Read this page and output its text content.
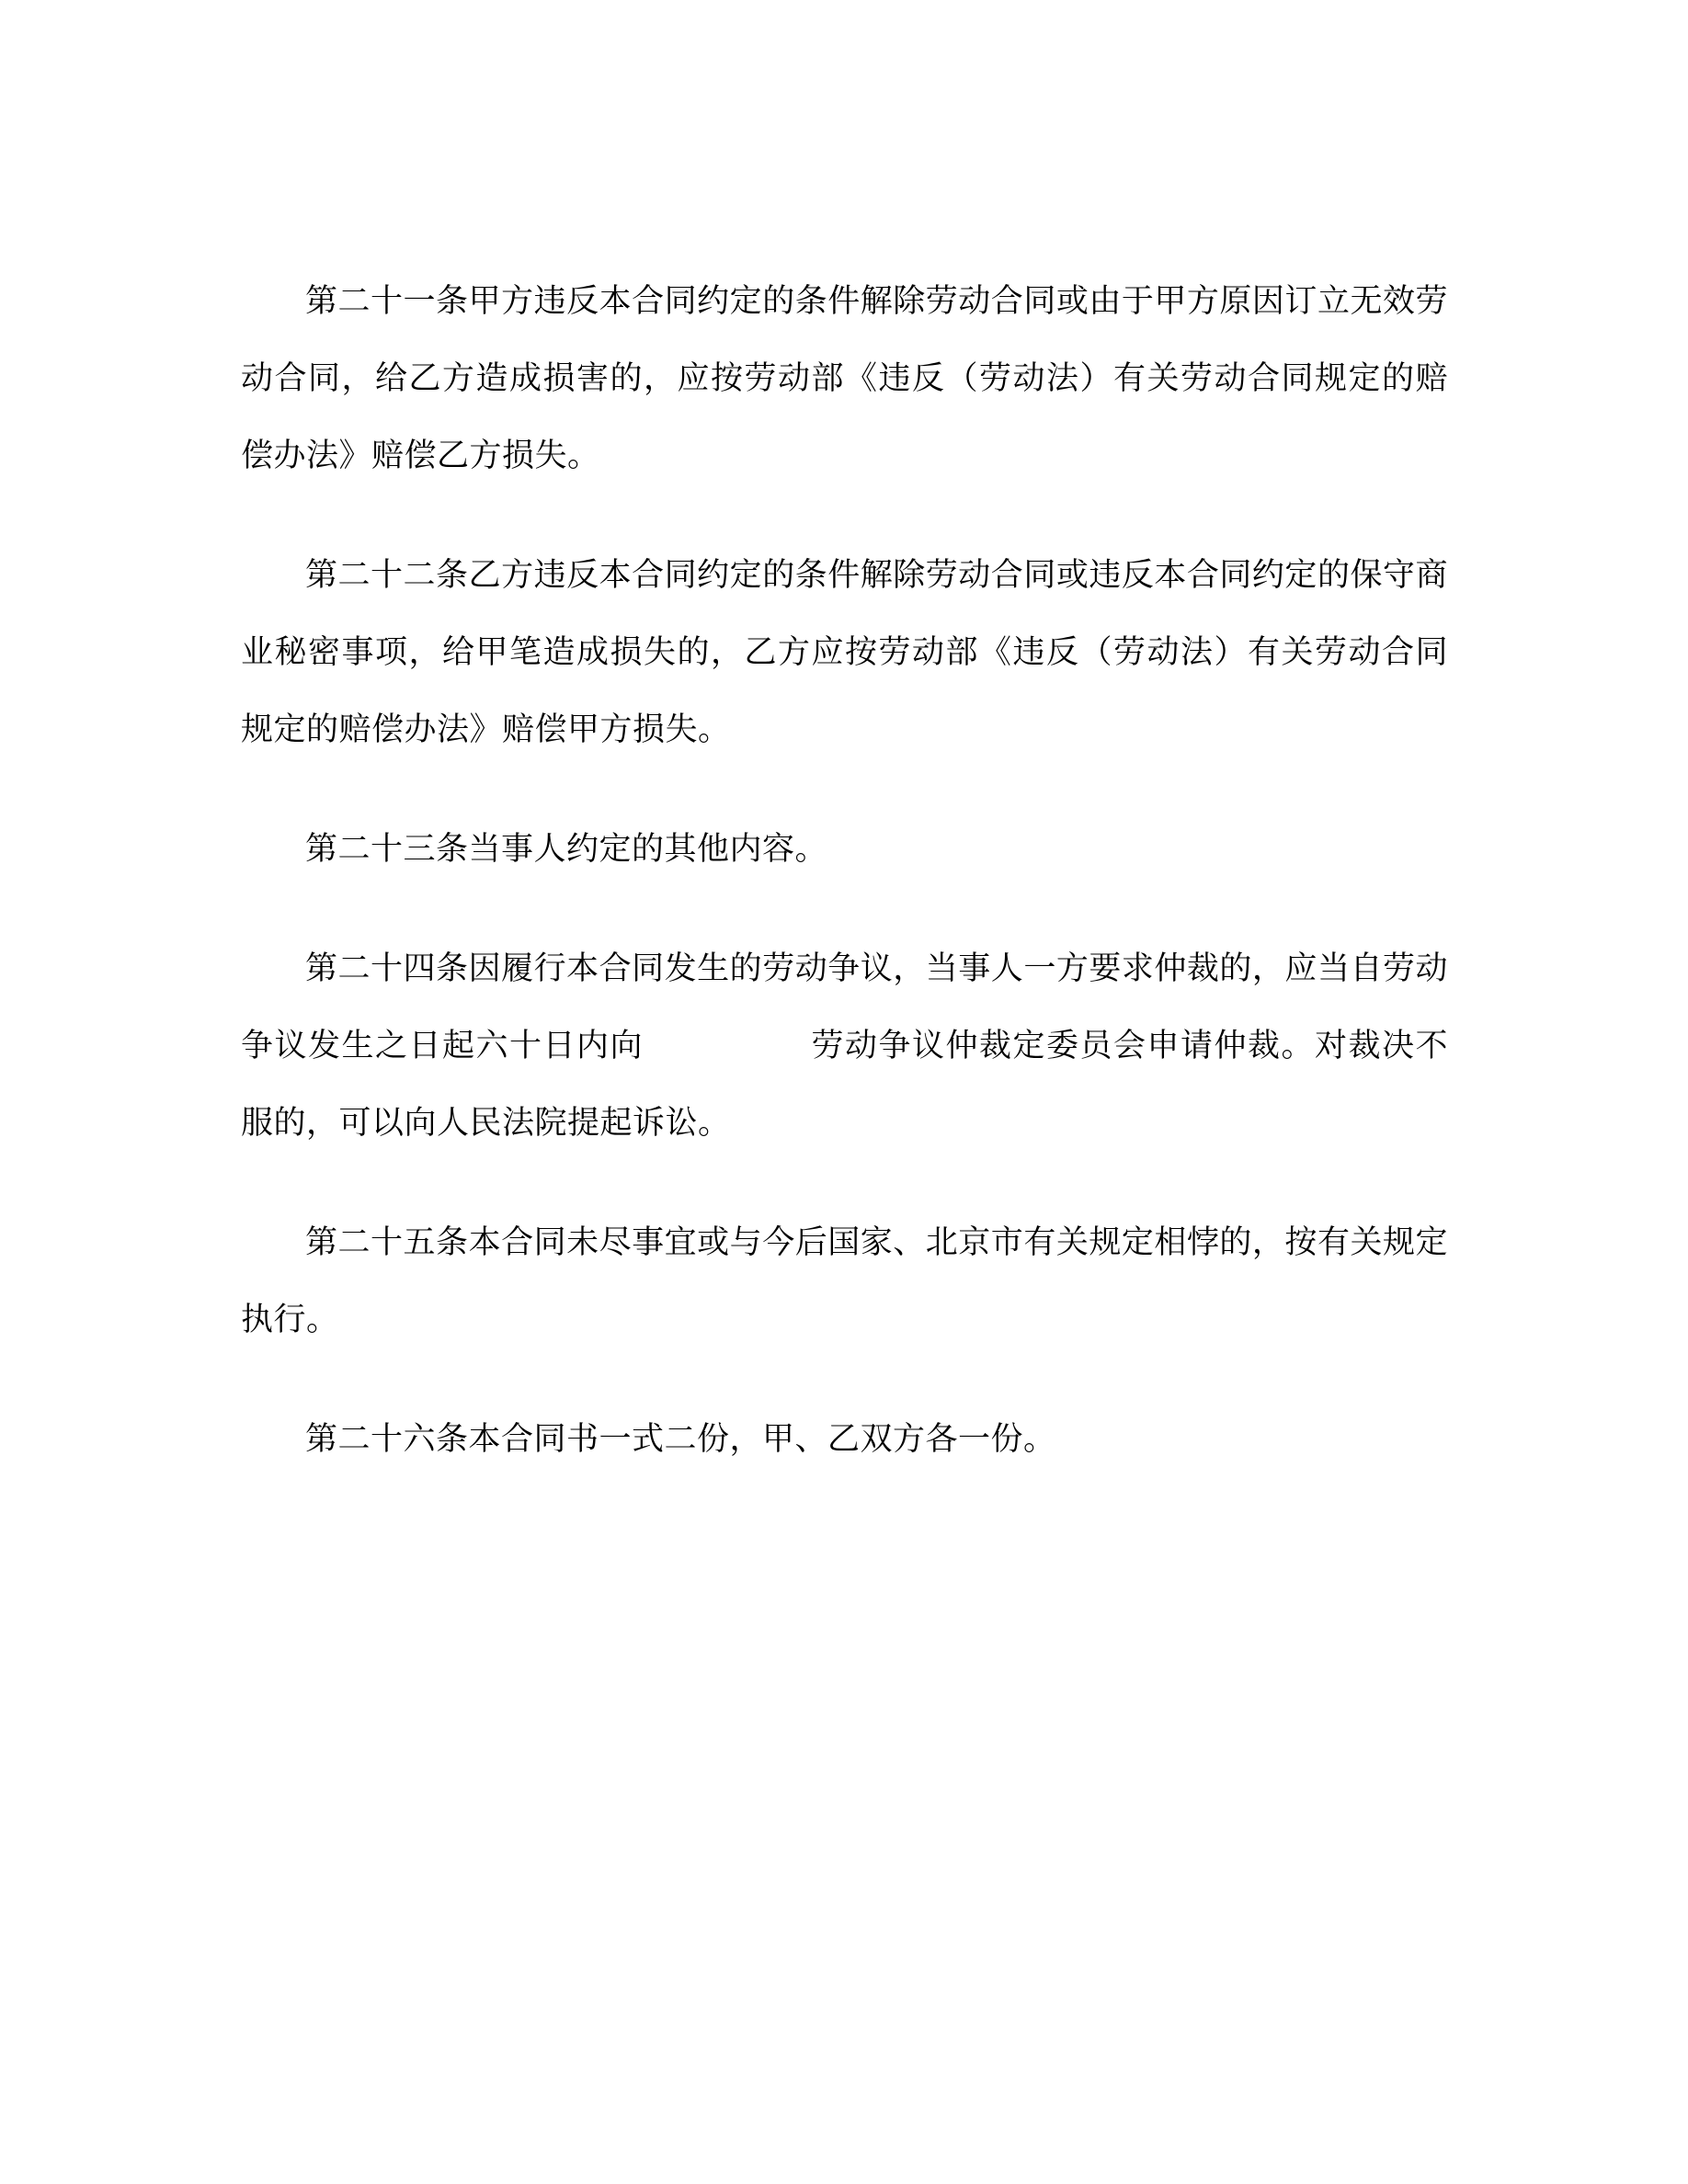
第二十一条甲方违反本合同约定的条件解除劳动合同或由于甲方原因订立无效劳动合同，给乙方造成损害的，应按劳动部《违反（劳动法）有关劳动合同规定的赔偿办法》赔偿乙方损失。

第二十二条乙方违反本合同约定的条件解除劳动合同或违反本合同约定的保守商业秘密事项，给甲笔造成损失的，乙方应按劳动部《违反（劳动法）有关劳动合同规定的赔偿办法》赔偿甲方损失。

第二十三条当事人约定的其他内容。

第二十四条因履行本合同发生的劳动争议，当事人一方要求仲裁的，应当自劳动争议发生之日起六十日内向　　　　　劳动争议仲裁定委员会申请仲裁。对裁决不服的，可以向人民法院提起诉讼。

第二十五条本合同未尽事宜或与今后国家、北京市有关规定相悖的，按有关规定执行。

第二十六条本合同书一式二份，甲、乙双方各一份。
